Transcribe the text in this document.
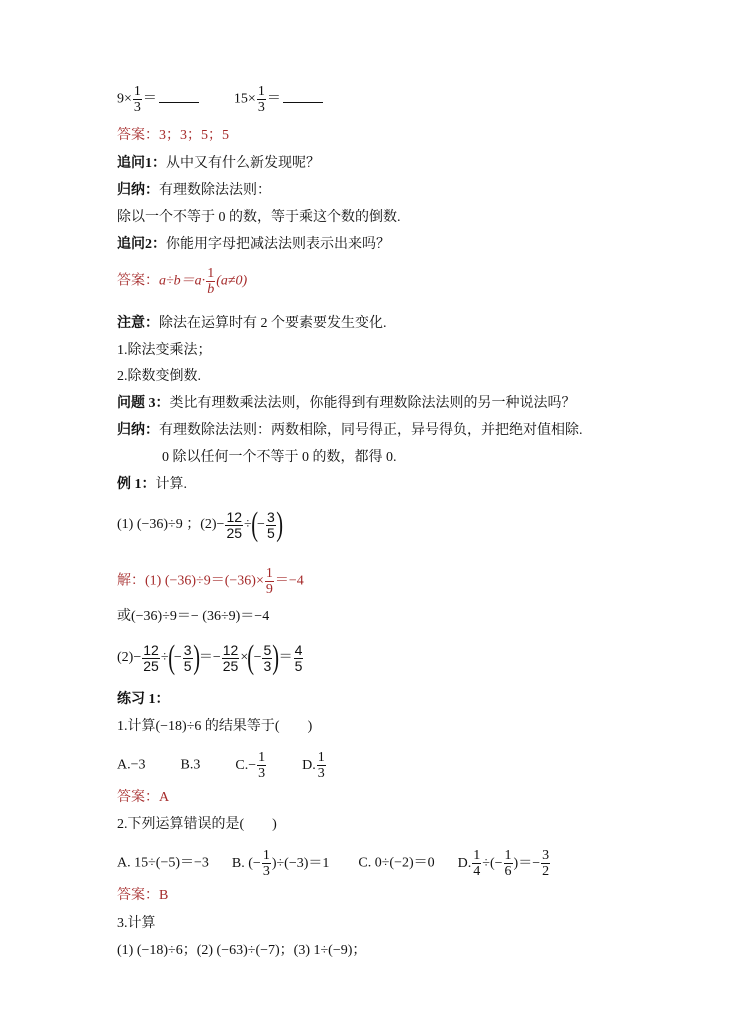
$9\times \frac{1}{3}$ ＝	$15\times \frac{1}{3}$ ＝
答案：3；3；5；5
追问1：从中又有什么新发现呢？
归纳：有理数除法法则：
除以一个不等于 0 的数，等于乘这个数的倒数.
追问2：你能用字母把减法法则表示出来吗？
答案：$a\div b=a\cdot \frac{1}{b} (a\ne 0)$
注意：除法在运算时有 2 个要素要发生变化.
1.除法变乘法；
2.除数变倒数.
问题 3：类比有理数乘法法则，你能得到有理数除法法则的另一种说法吗？
归纳：有理数除法法则：两数相除，同号得正，异号得负，并把绝对值相除.
0 除以任何一个不等于 0 的数，都得 0.
例 1：计算.
(1) (−36)÷9 ；$(2)- \frac{12}{25}$ ÷(− $\frac{3}{5}$ )
解：(1) $(-36)\div 9=(-36)\times \frac{1}{9} =-4$
或(−36)÷9＝− (36÷9)＝−4
$(2)- \frac{12}{25}$ ÷(− $\frac{3}{5}$ )＝− $\frac{12}{25}$ ×(− $\frac{5}{3}$ )＝ $\frac{4}{5}$
练习 1：
1.计算(−18)÷6 的结果等于(　　)
A.−3	B.3	$C.- \frac{1}{3}$	D. $\frac{1}{3}$
答案：A
2.下列运算错误的是(　　)
A. 15÷(−5)＝−3 B. (− $\frac{1}{3} )\div(-3)=1$ C. 0÷(−2)＝0 D. $\frac{1}{4}$ ÷(− $\frac{1}{6}$ )＝− $\frac{3}{2}$
答案：B
3.计算
(1) (−18)÷6；(2) (−63)÷(−7)；(3) 1÷(−9)；
